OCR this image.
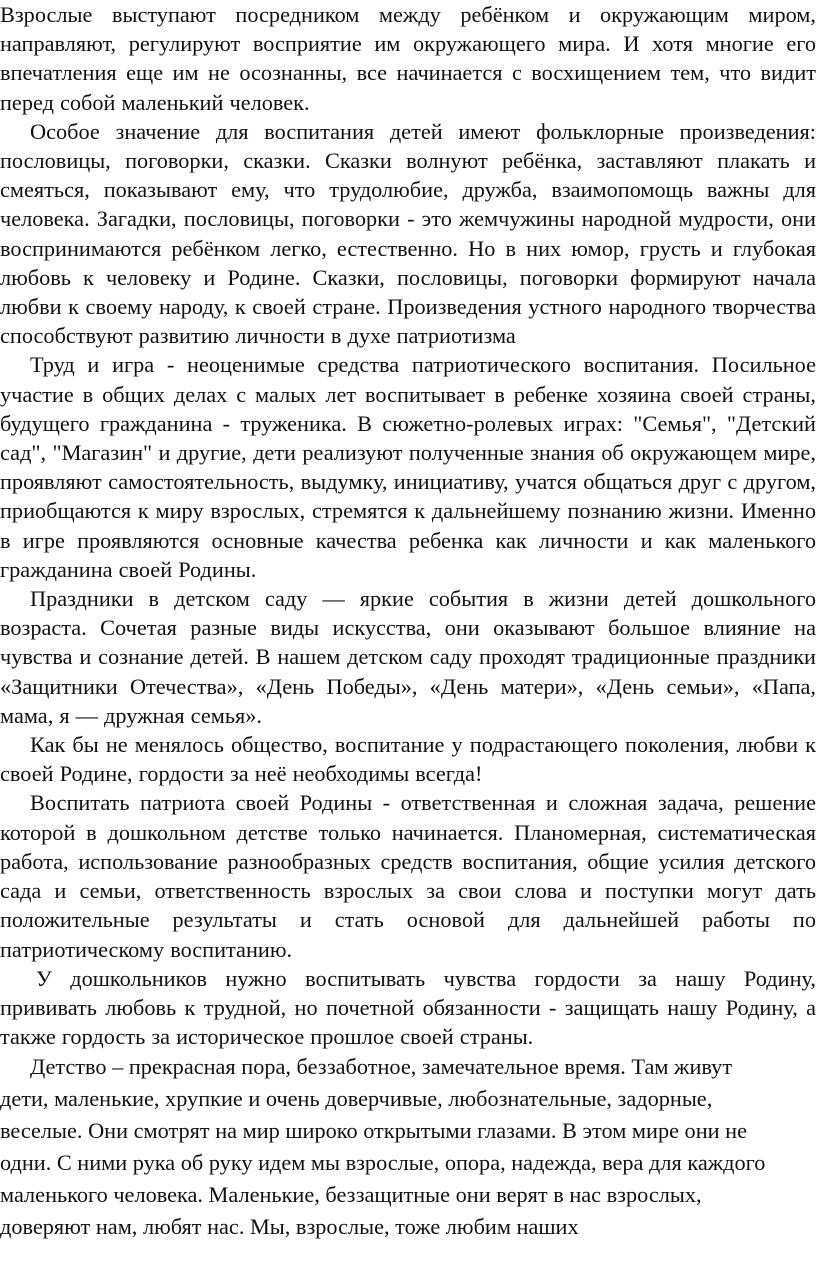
Взрослые выступают посредником между ребёнком и окружающим миром, направляют, регулируют восприятие им окружающего мира. И хотя многие его впечатления еще им не осознанны, все начинается с восхищением тем, что видит перед собой маленький человек.

Особое значение для воспитания детей имеют фольклорные произведения: пословицы, поговорки, сказки. Сказки волнуют ребёнка, заставляют плакать и смеяться, показывают ему, что трудолюбие, дружба, взаимопомощь важны для человека. Загадки, пословицы, поговорки - это жемчужины народной мудрости, они воспринимаются ребёнком легко, естественно. Но в них юмор, грусть и глубокая любовь к человеку и Родине. Сказки, пословицы, поговорки формируют начала любви к своему народу, к своей стране. Произведения устного народного творчества способствуют развитию личности в духе патриотизма

Труд и игра - неоценимые средства патриотического воспитания. Посильное участие в общих делах с малых лет воспитывает в ребенке хозяина своей страны, будущего гражданина - труженика. В сюжетно-ролевых играх: "Семья", "Детский сад", "Магазин" и другие, дети реализуют полученные знания об окружающем мире, проявляют самостоятельность, выдумку, инициативу, учатся общаться друг с другом, приобщаются к миру взрослых, стремятся к дальнейшему познанию жизни. Именно в игре проявляются основные качества ребенка как личности и как маленького гражданина своей Родины.

Праздники в детском саду — яркие события в жизни детей дошкольного возраста. Сочетая разные виды искусства, они оказывают большое влияние на чувства и сознание детей. В нашем детском саду проходят традиционные праздники «Защитники Отечества», «День Победы», «День матери», «День семьи», «Папа, мама, я — дружная семья».

Как бы не менялось общество, воспитание у подрастающего поколения, любви к своей Родине, гордости за неё необходимы всегда!

Воспитать патриота своей Родины - ответственная и сложная задача, решение которой в дошкольном детстве только начинается. Планомерная, систематическая работа, использование разнообразных средств воспитания, общие усилия детского сада и семьи, ответственность взрослых за свои слова и поступки могут дать положительные результаты и стать основой для дальнейшей работы по патриотическому воспитанию.

У дошкольников нужно воспитывать чувства гордости за нашу Родину, прививать любовь к трудной, но почетной обязанности - защищать нашу Родину, а также гордость за историческое прошлое своей страны.

Детство – прекрасная пора, беззаботное, замечательное время. Там живут дети, маленькие, хрупкие и очень доверчивые, любознательные, задорные, веселые. Они смотрят на мир широко открытыми глазами. В этом мире они не одни. С ними рука об руку идем мы взрослые, опора, надежда, вера для каждого маленького человека. Маленькие, беззащитные они верят в нас взрослых, доверяют нам, любят нас. Мы, взрослые, тоже любим наших
